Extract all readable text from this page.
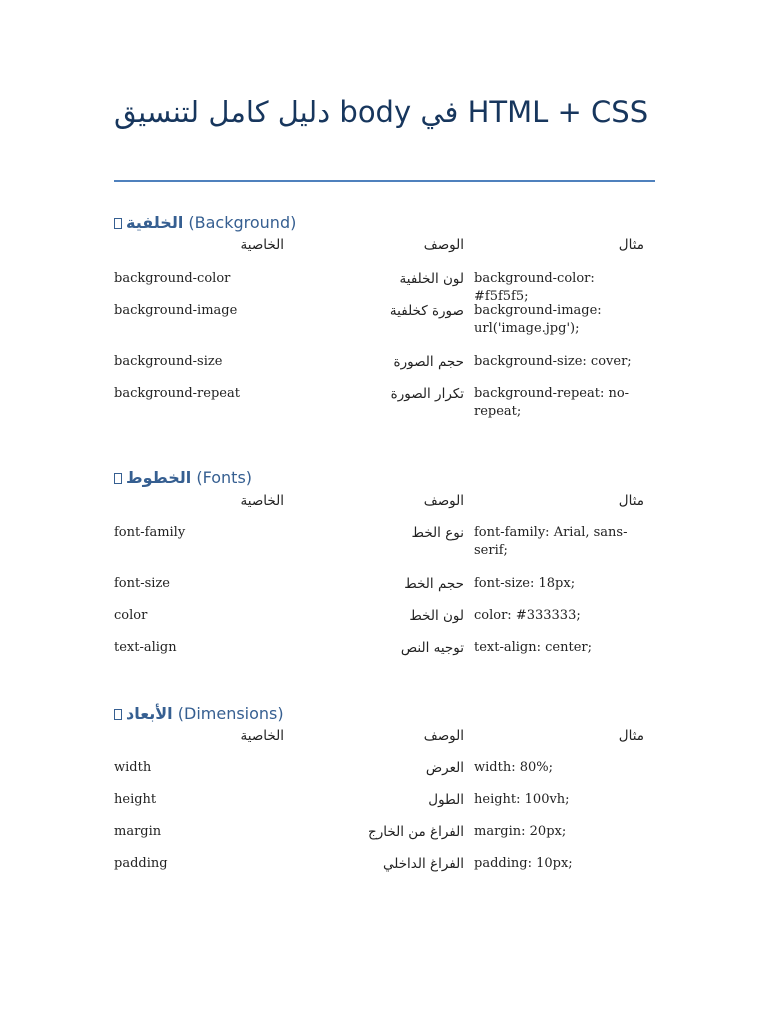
دليل كامل لتنسيق body في HTML + CSS
الخلفية (Background)
الخاصية	الوصف	مثال
background-color	لون الخلفية background-color: #f5f5f5;
background-image	صورة كخلفية background-image: url('image.jpg');
background-size	حجم الصورة background-size: cover;
background-repeat	تكرار الصورة background-repeat: no-repeat;
الخطوط (Fonts)
الخاصية	الوصف	مثال
font-family	نوع الخط font-family: Arial, sans-serif;
font-size	حجم الخط font-size: 18px;
color	لون الخط color: #333333;
text-align	توجيه النص text-align: center;
الأبعاد (Dimensions)
الخاصية	الوصف	مثال
width	العرض width: 80%;
height	الطول height: 100vh;
margin	الفراغ من الخارج margin: 20px;
padding	الفراغ الداخلي padding: 10px;
